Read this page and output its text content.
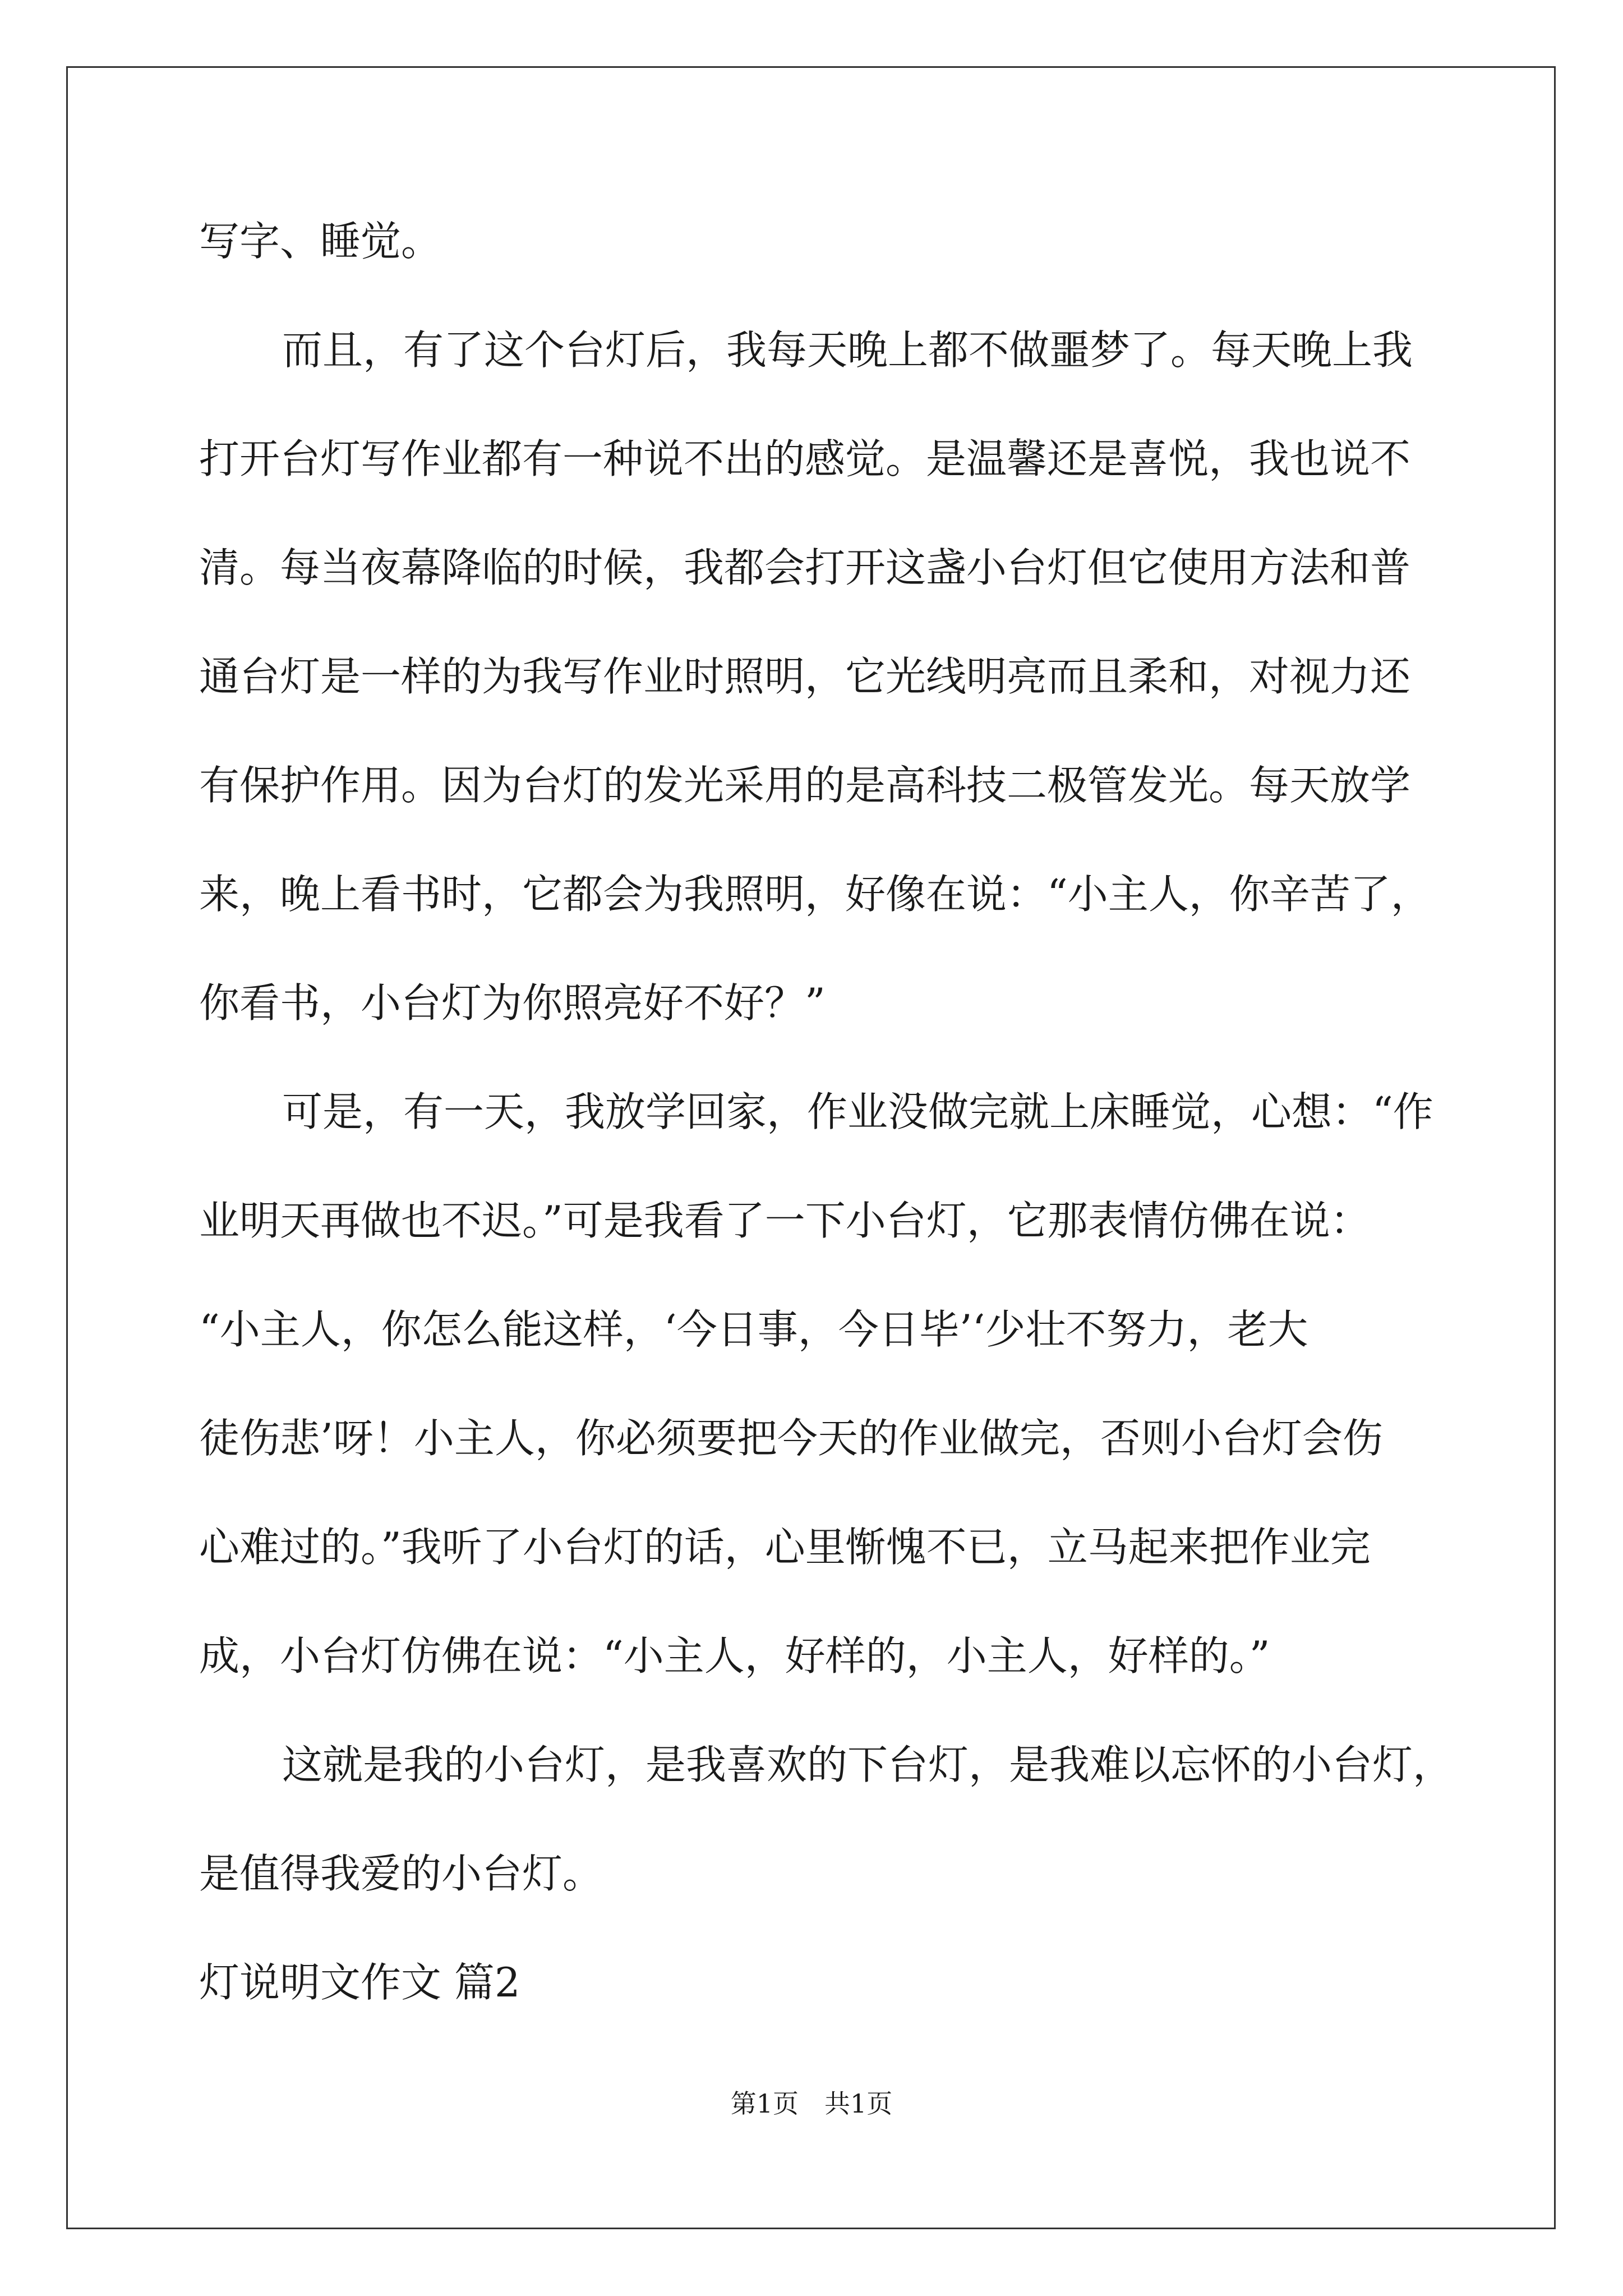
写字、睡觉。

而且，有了这个台灯后，我每天晚上都不做噩梦了。每天晚上我

打开台灯写作业都有一种说不出的感觉。是温馨还是喜悦，我也说不

清。每当夜幕降临的时候，我都会打开这盏小台灯但它使用方法和普

通台灯是一样的为我写作业时照明，它光线明亮而且柔和，对视力还

有保护作用。因为台灯的发光采用的是高科技二极管发光。每天放学

来，晚上看书时，它都会为我照明，好像在说：“小主人，你辛苦了，

你看书，小台灯为你照亮好不好？”

可是，有一天，我放学回家，作业没做完就上床睡觉，心想：“作

业明天再做也不迟。”可是我看了一下小台灯，它那表情仿佛在说：

“小主人，你怎么能这样，‘今日事，今日毕’‘少壮不努力，老大

徒伤悲’呀！小主人，你必须要把今天的作业做完，否则小台灯会伤

心难过的。”我听了小台灯的话，心里惭愧不已，立马起来把作业完

成，小台灯仿佛在说：“小主人，好样的，小主人，好样的。”

这就是我的小台灯，是我喜欢的下台灯，是我难以忘怀的小台灯，

是值得我爱的小台灯。

灯说明文作文 篇2

第1页　共1页
